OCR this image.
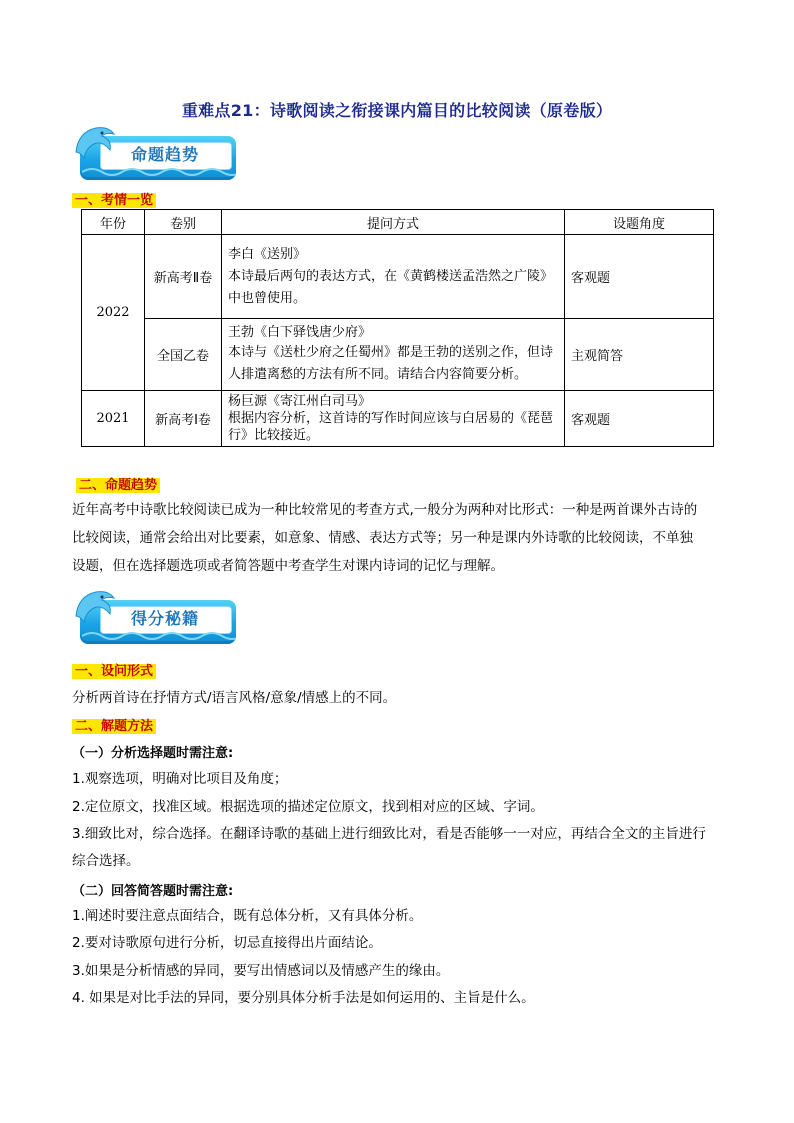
重难点21：诗歌阅读之衔接课内篇目的比较阅读（原卷版）
命题趋势
一、考情一览
年份	卷别	提问方式	设题角度
2022	新高考Ⅱ卷	李白《送别》
本诗最后两句的表达方式，在《黄鹤楼送孟浩然之广陵》
中也曾使用。	客观题
	全国乙卷	王勃《白下驿饯唐少府》
本诗与《送杜少府之任蜀州》都是王勃的送别之作，但诗
人排遣离愁的方法有所不同。请结合内容简要分析。	主观简答
2021	新高考Ⅰ卷	杨巨源《寄江州白司马》
根据内容分析，这首诗的写作时间应该与白居易的《琵琶
行》比较接近。	客观题
二、命题趋势
近年高考中诗歌比较阅读已成为一种比较常见的考查方式,一般分为两种对比形式：一种是两首课外古诗的
比较阅读，通常会给出对比要素，如意象、情感、表达方式等；另一种是课内外诗歌的比较阅读，不单独
设题，但在选择题选项或者简答题中考查学生对课内诗词的记忆与理解。
得分秘籍
一、设问形式
分析两首诗在抒情方式/语言风格/意象/情感上的不同。
二、解题方法
（一）分析选择题时需注意:
1.观察选项，明确对比项目及角度；
2.定位原文，找准区域。根据选项的描述定位原文，找到相对应的区域、字词。
3.细致比对，综合选择。在翻译诗歌的基础上进行细致比对，看是否能够一一对应，再结合全文的主旨进行
综合选择。
（二）回答简答题时需注意:
1.阐述时要注意点面结合，既有总体分析，又有具体分析。
2.要对诗歌原句进行分析，切忌直接得出片面结论。
3.如果是分析情感的异同，要写出情感词以及情感产生的缘由。
4. 如果是对比手法的异同，要分别具体分析手法是如何运用的、主旨是什么。
